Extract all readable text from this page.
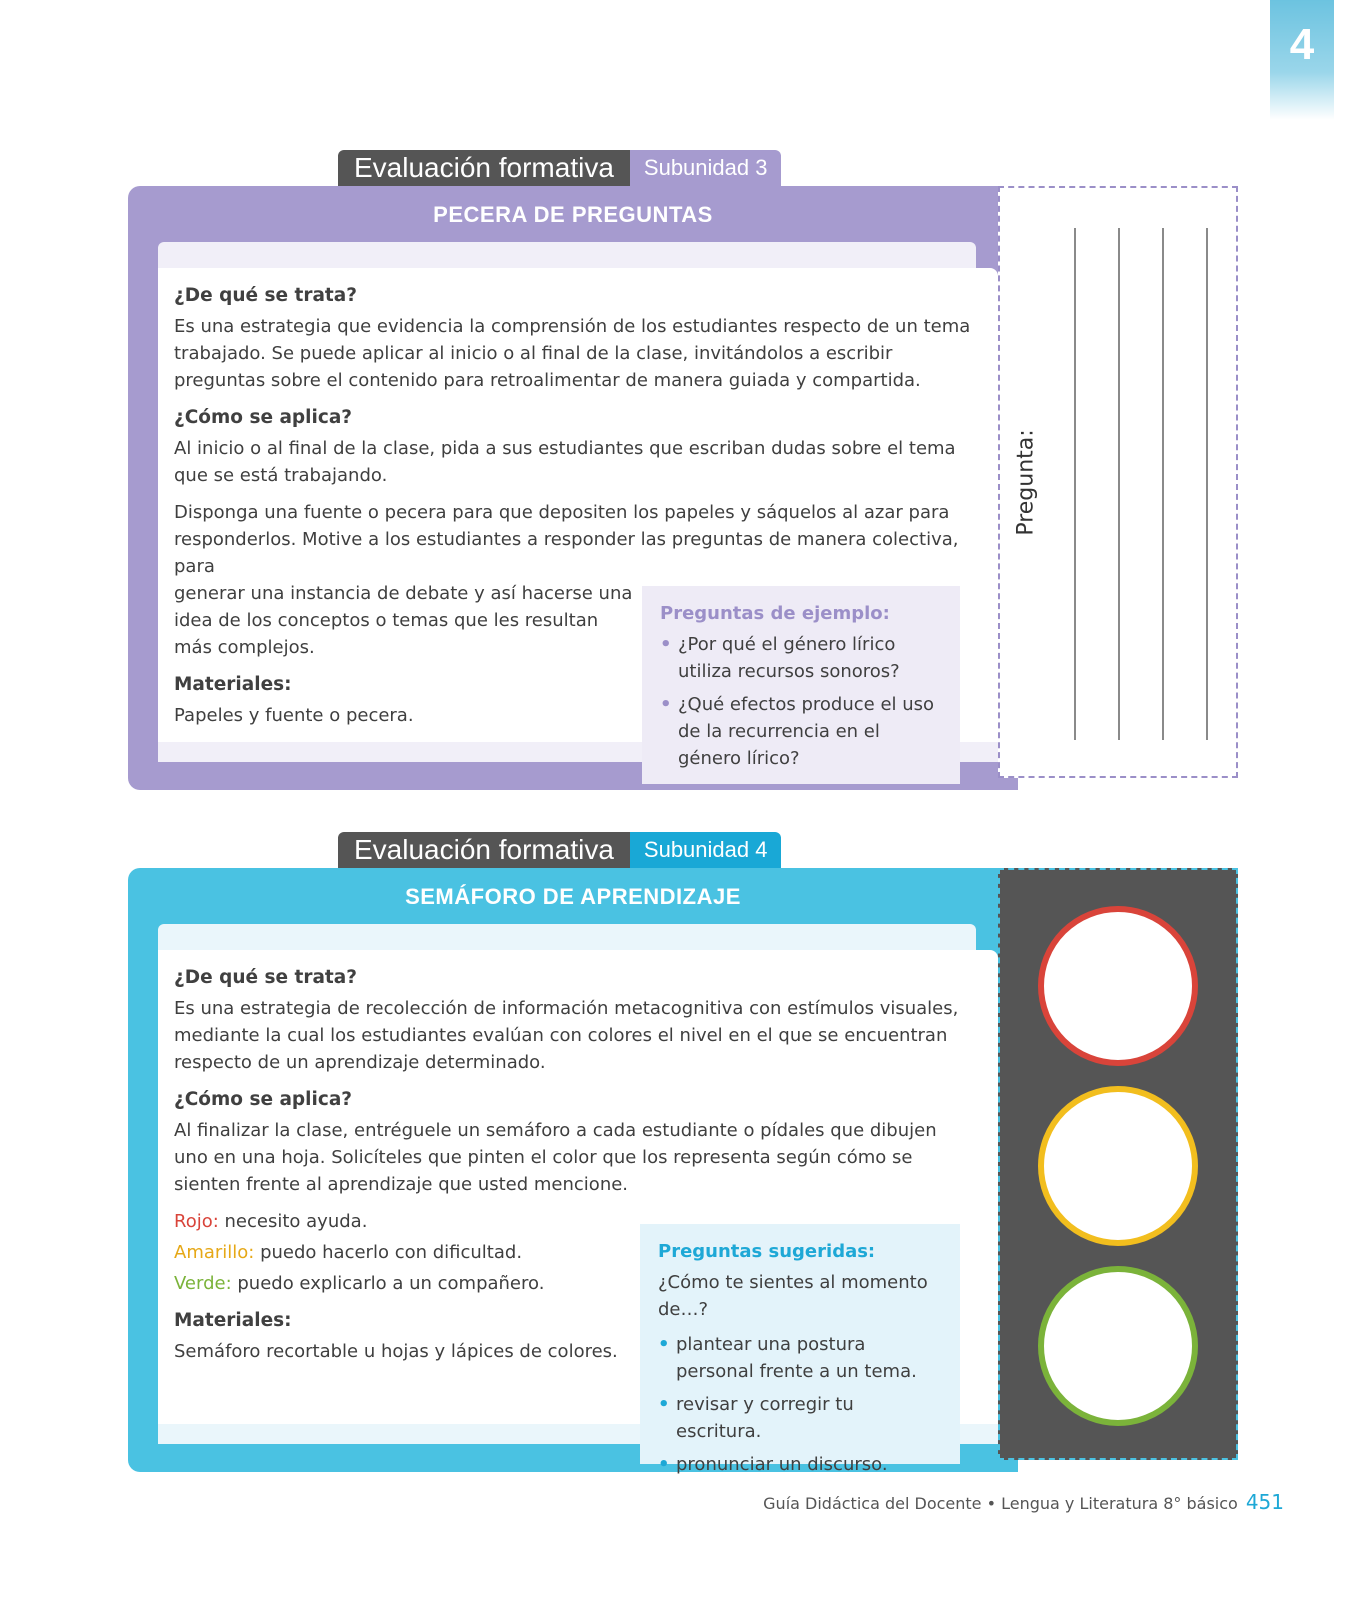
4
Evaluación formativa	Subunidad 3
PECERA DE PREGUNTAS
¿De qué se trata?

Es una estrategia que evidencia la comprensión de los estudiantes respecto de un tema trabajado. Se puede aplicar al inicio o al final de la clase, invitándolos a escribir preguntas sobre el contenido para retroalimentar de manera guiada y compartida.

¿Cómo se aplica?

Al inicio o al final de la clase, pida a sus estudiantes que escriban dudas sobre el tema que se está trabajando.

Disponga una fuente o pecera para que depositen los papeles y sáquelos al azar para responderlos. Motive a los estudiantes a responder las preguntas de manera colectiva, para

generar una instancia de debate y así hacerse una idea de los conceptos o temas que les resultan más complejos.

Materiales:

Papeles y fuente o pecera.

Preguntas de ejemplo:
• ¿Por qué el género lírico utiliza recursos sonoros?
• ¿Qué efectos produce el uso de la recurrencia en el género lírico?
Pregunta:
Evaluación formativa	Subunidad 4
SEMÁFORO DE APRENDIZAJE
¿De qué se trata?

Es una estrategia de recolección de información metacognitiva con estímulos visuales, mediante la cual los estudiantes evalúan con colores el nivel en el que se encuentran respecto de un aprendizaje determinado.

¿Cómo se aplica?

Al finalizar la clase, entréguele un semáforo a cada estudiante o pídales que dibujen uno en una hoja. Solicíteles que pinten el color que los representa según cómo se sienten frente al aprendizaje que usted mencione.

Rojo: necesito ayuda.

Amarillo: puedo hacerlo con dificultad.

Verde: puedo explicarlo a un compañero.

Materiales:

Semáforo recortable u hojas y lápices de colores.

Preguntas sugeridas:

¿Cómo te sientes al momento de…?

• plantear una postura personal frente a un tema.
• revisar y corregir tu escritura.
• pronunciar un discurso.
Guía Didáctica del Docente • Lengua y Literatura 8° básico 451
